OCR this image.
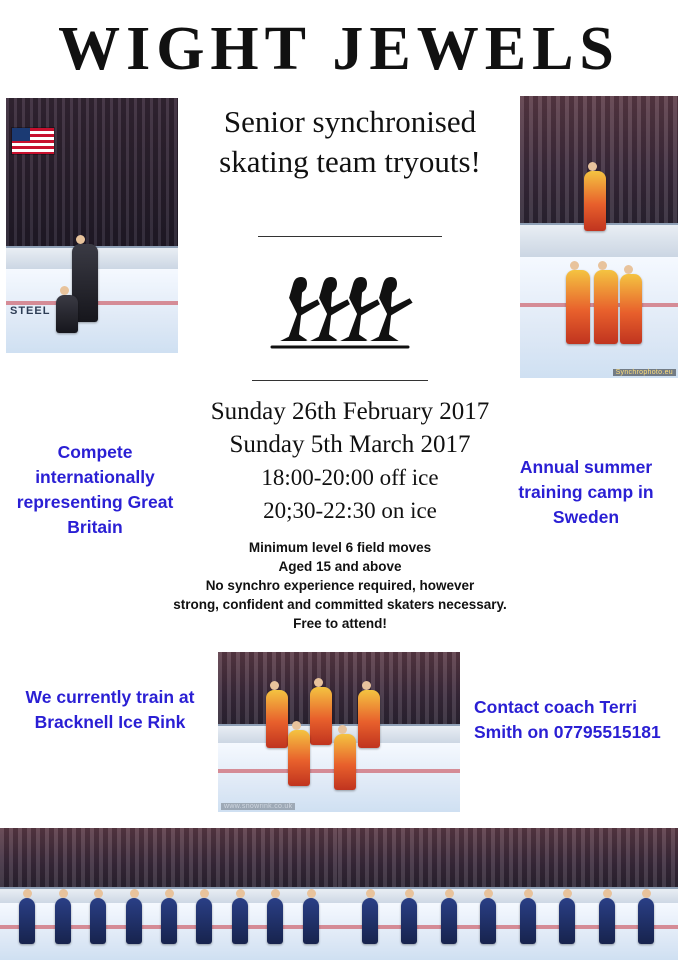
WIGHT JEWELS
STEEL
Synchrophoto.eu
Senior synchronised skating team tryouts!
Sunday 26th February 2017
Sunday 5th March 2017
18:00-20:00 off ice
20;30-22:30 on ice
Minimum level 6 field moves
Aged 15 and above
No synchro experience required, however
strong, confident and committed skaters necessary.
Free to attend!
Compete internationally representing Great Britain
Annual summer training camp in Sweden
We currently train at Bracknell Ice Rink
Contact coach Terri Smith on 07795515181
www.snowrink.co.uk
